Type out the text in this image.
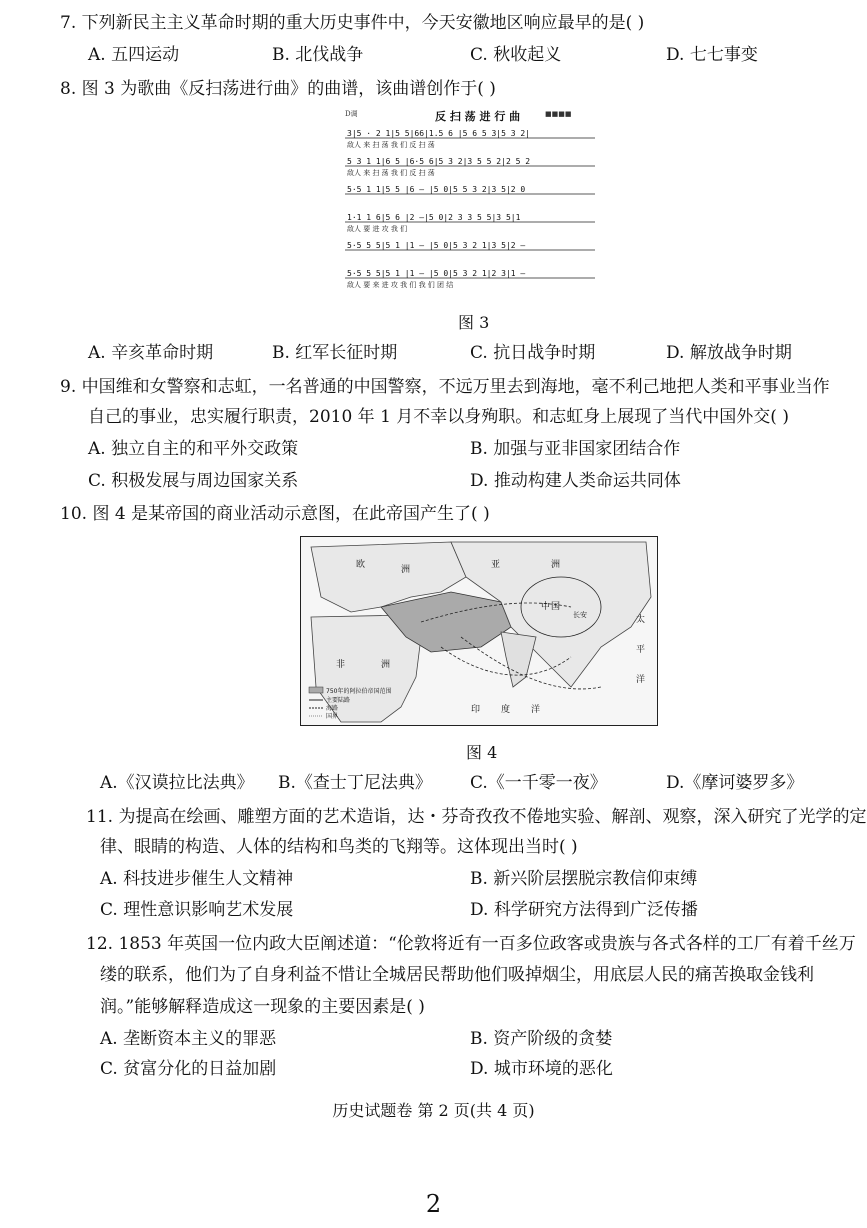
7. 下列新民主主义革命时期的重大历史事件中，今天安徽地区响应最早的是( )
A. 五四运动	B. 北伐战争	C. 秋收起义	D. 七七事变
8. 图 3 为歌曲《反扫荡进行曲》的曲谱，该曲谱创作于( )
反 扫 荡 进 行 曲
D调	■■■■
3|5 · 2 1|5 5|66|1.5 6 |5 6 5 3|5 3 2|
5 3 1 1|6 5 |6·5 6|5 3 2|3 5 5 2|2 5 2
5·5 1 1|5 5 |6 — |5 0|5 5 3 2|3 5|2 0
1·1 1 6|5 6 |2 —|5 0|2 3 3 5 5|3 5|1
5·5 5 5|5 1 |1 — |5 0|5 3 2 1|3 5|2 —
5·5 5 5|5 1 |1 — |5 0|5 3 2 1|2 3|1 —
敌人 来 扫 荡 我 们 反 扫 荡
敌人 来 扫 荡 我 们 反 扫 荡
敌人 要 进 攻 我 们
敌人 要 来 进 攻 我 们 我 们 团 结
图 3
A. 辛亥革命时期	B. 红军长征时期	C. 抗日战争时期	D. 解放战争时期
9. 中国维和女警察和志虹，一名普通的中国警察，不远万里去到海地，毫不利己地把人类和平事业当作
自己的事业，忠实履行职责，2010 年 1 月不幸以身殉职。和志虹身上展现了当代中国外交( )
A. 独立自主的和平外交政策	B. 加强与亚非国家团结合作
C. 积极发展与周边国家关系	D. 推动构建人类命运共同体
10. 图 4 是某帝国的商业活动示意图，在此帝国产生了( )
欧	洲
非	洲
亚	洲
印 度 洋
太
平
洋
中 国
长安
750年的阿拉伯帝国范围
主要陆路
海路
国界
图 4
A.《汉谟拉比法典》 B.《查士丁尼法典》 C.《一千零一夜》	D.《摩诃婆罗多》
11. 为提高在绘画、雕塑方面的艺术造诣，达・芬奇孜孜不倦地实验、解剖、观察，深入研究了光学的定
律、眼睛的构造、人体的结构和鸟类的飞翔等。这体现出当时( )
A. 科技进步催生人文精神	B. 新兴阶层摆脱宗教信仰束缚
C. 理性意识影响艺术发展	D. 科学研究方法得到广泛传播
12. 1853 年英国一位内政大臣阐述道：“伦敦将近有一百多位政客或贵族与各式各样的工厂有着千丝万
缕的联系，他们为了自身利益不惜让全城居民帮助他们吸掉烟尘，用底层人民的痛苦换取金钱利
润。”能够解释造成这一现象的主要因素是( )
A. 垄断资本主义的罪恶	B. 资产阶级的贪婪
C. 贫富分化的日益加剧	D. 城市环境的恶化
历史试题卷 第 2 页(共 4 页)
2
